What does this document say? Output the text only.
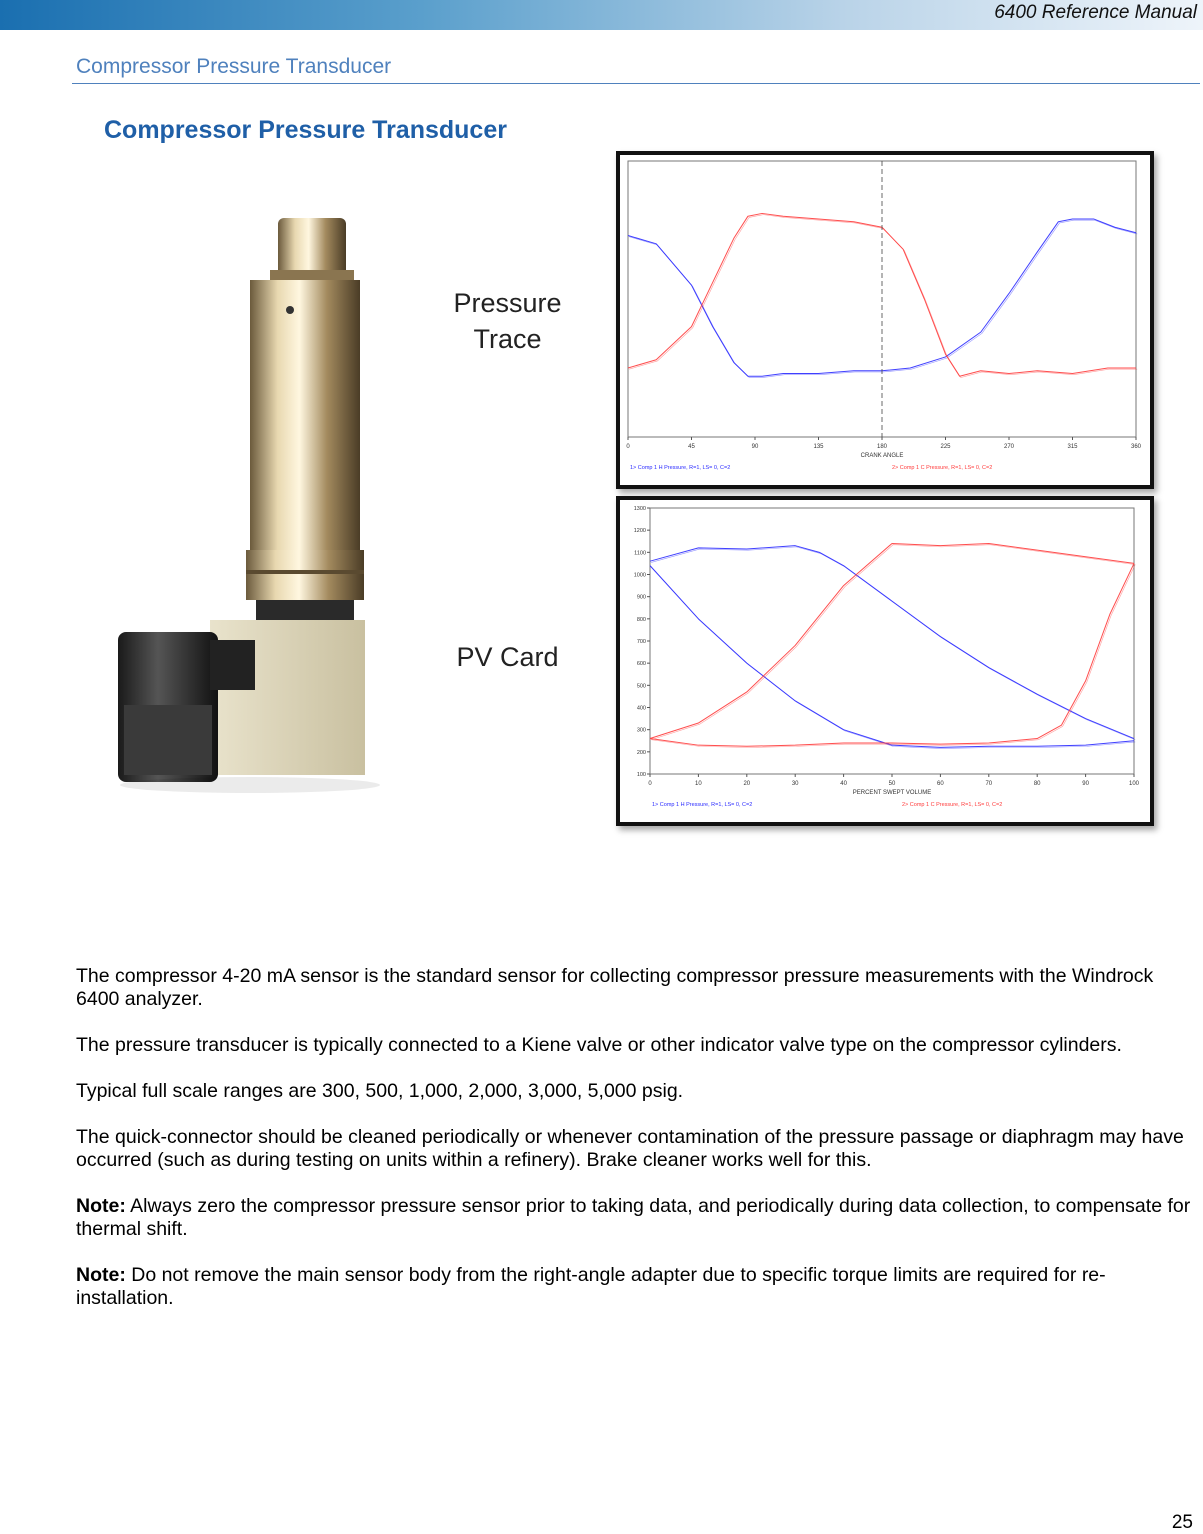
6400 Reference Manual
Compressor Pressure Transducer
Compressor Pressure Transducer
Pressure Trace
PV Card
0	45	90	135	180	225	270	315	360
CRANK ANGLE
1> Comp 1 H Pressure, R=1, LS= 0, C=2	2> Comp 1 C Pressure, R=1, LS= 0, C=2
0	10	20	30	40	50	60	70	80	90	100
100
200
300
400
500
600
700
800
900
1000
1100
1200
1300
PERCENT SWEPT VOLUME
1> Comp 1 H Pressure, R=1, LS= 0, C=2	2> Comp 1 C Pressure, R=1, LS= 0, C=2

The compressor 4-20 mA sensor is the standard sensor for collecting compressor pressure measurements with the Windrock 6400 analyzer.

The pressure transducer is typically connected to a Kiene valve or other indicator valve type on the compressor cylinders.

Typical full scale ranges are 300, 500, 1,000, 2,000, 3,000, 5,000 psig.

The quick-connector should be cleaned periodically or whenever contamination of the pressure passage or diaphragm may have occurred (such as during testing on units within a refinery). Brake cleaner works well for this.

Note: Always zero the compressor pressure sensor prior to taking data, and periodically during data collection, to compensate for thermal shift.

Note: Do not remove the main sensor body from the right-angle adapter due to specific torque limits are required for re-installation.

25
